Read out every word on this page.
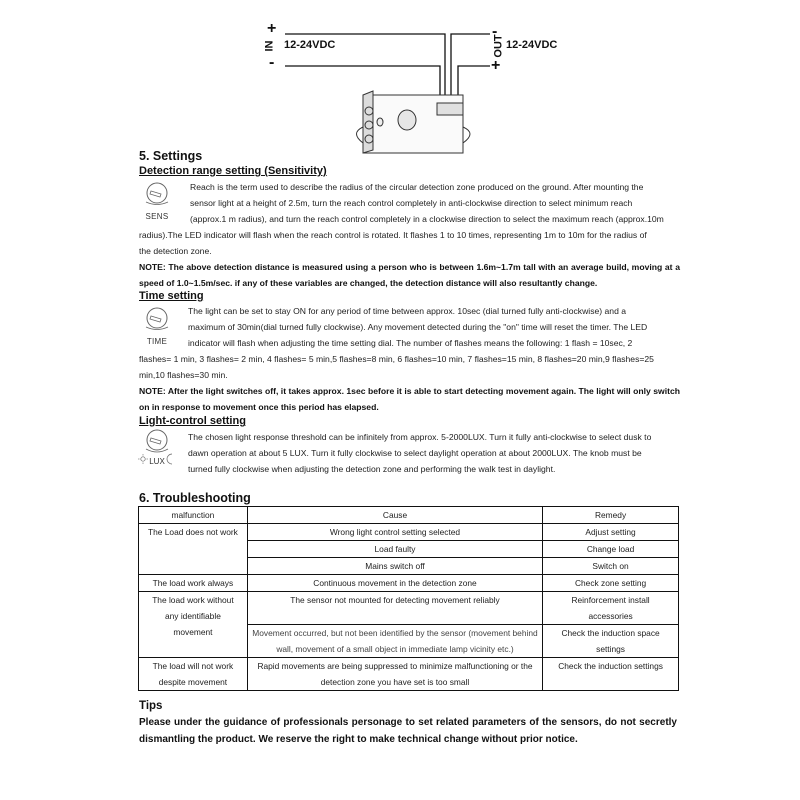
+
-
IN 12-24VDC
-
+
OUT 12-24VDC
5. Settings
Detection range setting (Sensitivity)
SENS
Reach is the term used to describe the radius of the circular detection zone produced on the ground. After mounting the
sensor light at a height of 2.5m, turn the reach control completely in anti-clockwise direction to select minimum reach
(approx.1 m radius), and turn the reach control completely in a clockwise direction to select the maximum reach (approx.10m
radius).The LED indicator will flash when the reach control is rotated. It flashes 1 to 10 times, representing 1m to 10m for the radius of
the detection zone.
NOTE: The above detection distance is measured using a person who is between 1.6m~1.7m tall with an average build, moving at a speed of 1.0~1.5m/sec. if any of these variables are changed, the detection distance will also resultantly change.
Time setting
TIME
The light can be set to stay ON for any period of time between approx. 10sec (dial turned fully anti-clockwise) and a
maximum of 30min(dial turned fully clockwise). Any movement detected during the "on" time will reset the timer. The LED
indicator will flash when adjusting the time setting dial. The number of flashes means the following: 1 flash = 10sec, 2
flashes= 1 min, 3 flashes= 2 min, 4 flashes= 5 min,5 flashes=8 min, 6 flashes=10 min, 7 flashes=15 min, 8 flashes=20 min,9 flashes=25
min,10 flashes=30 min.
NOTE: After the light switches off, it takes approx. 1sec before it is able to start detecting movement again. The light will only switch on in response to movement once this period has elapsed.
Light-control setting
LUX
The chosen light response threshold can be infinitely from approx. 5-2000LUX. Turn it fully anti-clockwise to select dusk to
dawn operation at about 5 LUX. Turn it fully clockwise to select daylight operation at about 2000LUX. The knob must be
turned fully clockwise when adjusting the detection zone and performing the walk test in daylight.
6. Troubleshooting
malfunction	Cause	Remedy
The Load does not work	Wrong light control setting selected	Adjust setting
	Load faulty	Change load
	Mains switch off	Switch on
The load work always	Continuous movement in the detection zone	Check zone setting
The load work without any identifiable movement	The sensor not mounted for detecting movement reliably	Reinforcement install accessories
	Movement occurred, but not been identified by the sensor (movement behind wall, movement of a small object in immediate lamp vicinity etc.)	Check the induction space settings
The load will not work despite movement	Rapid movements are being suppressed to minimize malfunctioning or the detection zone you have set is too small	Check the induction settings
Tips
Please under the guidance of professionals personage to set related parameters of the sensors, do not secretly dismantling the product. We reserve the right to make technical change without prior notice.
